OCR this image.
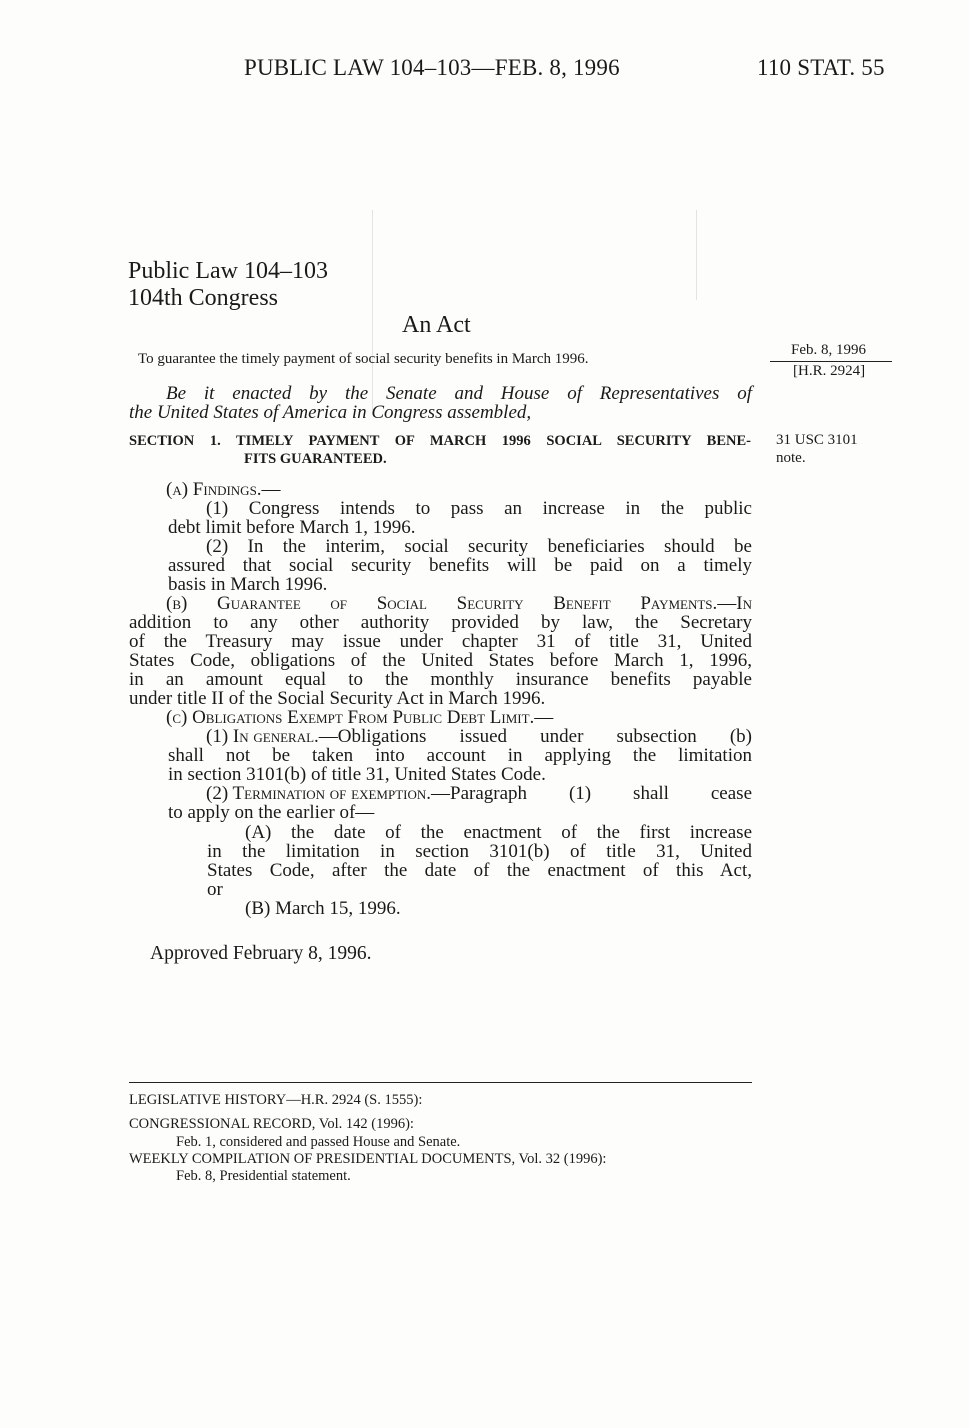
PUBLIC LAW 104–103—FEB. 8, 1996	110 STAT. 55
Public Law 104–103
104th Congress
An Act
To guarantee the timely payment of social security benefits in March 1996.
Feb. 8, 1996
[H.R. 2924]
31 USC 3101
note.
Be it enacted by the Senate and House of Representatives of
the United States of America in Congress assembled,
SECTION 1. TIMELY PAYMENT OF MARCH 1996 SOCIAL SECURITY BENE-
FITS GUARANTEED.
(a) Findings.—
(1) Congress intends to pass an increase in the public
debt limit before March 1, 1996.
(2) In the interim, social security beneficiaries should be
assured that social security benefits will be paid on a timely
basis in March 1996.
(b) Guarantee of Social Security Benefit Payments.—In
addition to any other authority provided by law, the Secretary
of the Treasury may issue under chapter 31 of title 31, United
States Code, obligations of the United States before March 1, 1996,
in an amount equal to the monthly insurance benefits payable
under title II of the Social Security Act in March 1996.
(c) Obligations Exempt From Public Debt Limit.—
(1) In general. —Obligations issued under subsection (b)
shall not be taken into account in applying the limitation
in section 3101(b) of title 31, United States Code.
(2) Termination of exemption. —Paragraph (1) shall cease
to apply on the earlier of—
(A) the date of the enactment of the first increase
in the limitation in section 3101(b) of title 31, United
States Code, after the date of the enactment of this Act,
or
(B) March 15, 1996.
Approved February 8, 1996.
LEGISLATIVE HISTORY—H.R. 2924 (S. 1555):
CONGRESSIONAL RECORD, Vol. 142 (1996):
Feb. 1, considered and passed House and Senate.
WEEKLY COMPILATION OF PRESIDENTIAL DOCUMENTS, Vol. 32 (1996):
Feb. 8, Presidential statement.
